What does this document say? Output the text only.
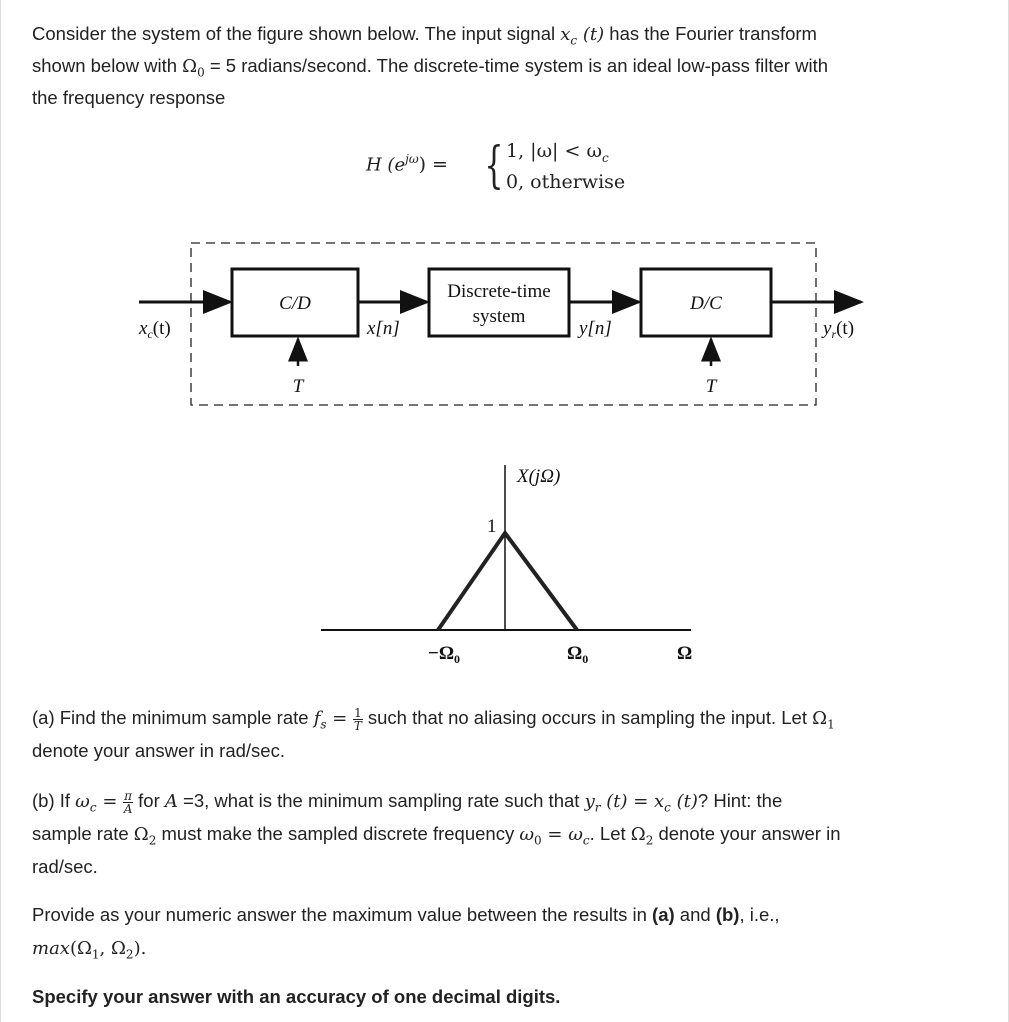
Consider the system of the figure shown below. The input signal $x_c$ (t) has the Fourier transform
shown below with $\Omega_0 = 5$ radians/second. The discrete-time system is an ideal low-pass filter with
the frequency response
H $(e^{j\omega})$ = { 1, $|\omega| < \omega_c$
0, otherwise
$x_c(t)$
C/D
x[n]
Discrete-time
system
y[n]
D/C
$y_r(t)$
T	T
X(jΩ)
1
$-\Omega_0$	$\Omega_0$	Ω
(a) Find the minimum sample rate $f_s = \frac{1}{T}$ such that no aliasing occurs in sampling the input. Let $\Omega_1$
denote your answer in rad/sec.
(b) If $\omega_c = \frac{\pi}{A}$ for A =3, what is the minimum sampling rate such that $y_r$ $(t) = x_c$ (t)? Hint: the
sample rate $\Omega_2$ must make the sampled discrete frequency $\omega_0 = \omega_c$. Let $\Omega_2$ denote your answer in
rad/sec.
Provide as your numeric answer the maximum value between the results in (a) and (b), i.e.,
$\max(\Omega_1$, $\Omega_2$).
Specify your answer with an accuracy of one decimal digits.
